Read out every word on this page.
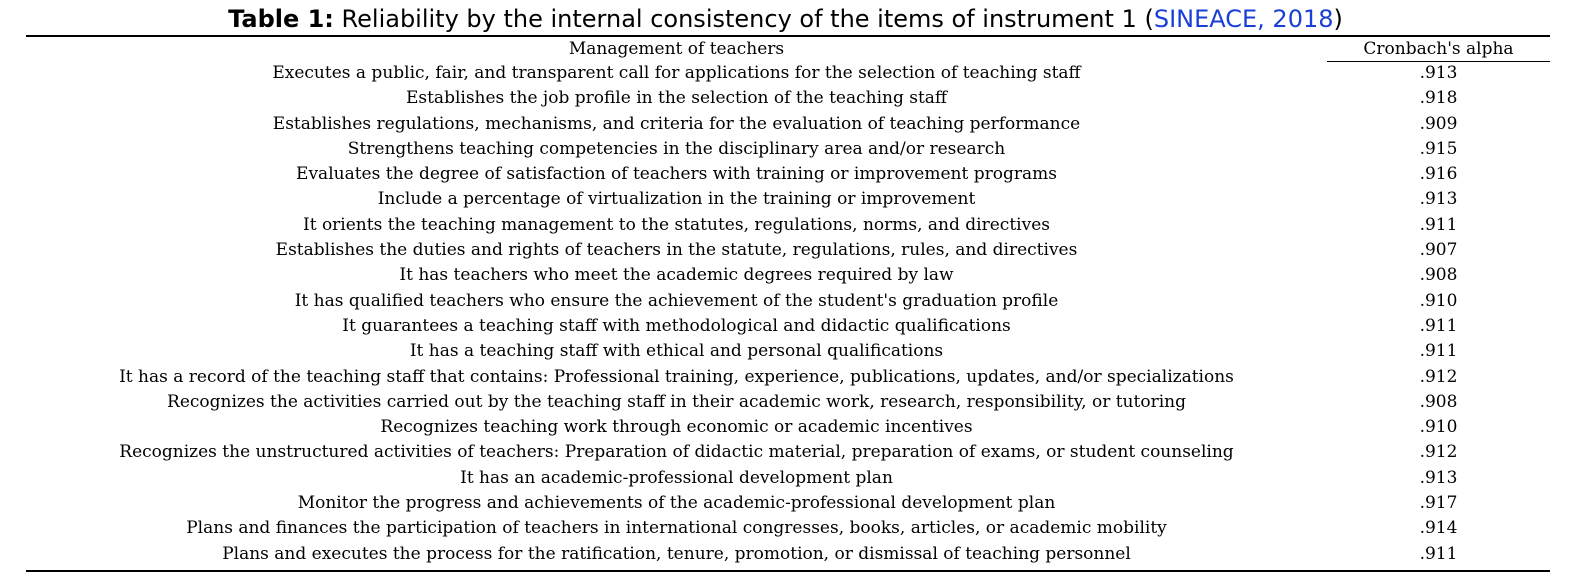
Table 1: Reliability by the internal consistency of the items of instrument 1 (SINEACE, 2018)
Management of teachers	Cronbach's alpha
Executes a public, fair, and transparent call for applications for the selection of teaching staff	.913
Establishes the job profile in the selection of the teaching staff	.918
Establishes regulations, mechanisms, and criteria for the evaluation of teaching performance	.909
Strengthens teaching competencies in the disciplinary area and/or research	.915
Evaluates the degree of satisfaction of teachers with training or improvement programs	.916
Include a percentage of virtualization in the training or improvement	.913
It orients the teaching management to the statutes, regulations, norms, and directives	.911
Establishes the duties and rights of teachers in the statute, regulations, rules, and directives	.907
It has teachers who meet the academic degrees required by law	.908
It has qualified teachers who ensure the achievement of the student's graduation profile	.910
It guarantees a teaching staff with methodological and didactic qualifications	.911
It has a teaching staff with ethical and personal qualifications	.911
It has a record of the teaching staff that contains: Professional training, experience, publications, updates, and/or specializations	.912
Recognizes the activities carried out by the teaching staff in their academic work, research, responsibility, or tutoring	.908
Recognizes teaching work through economic or academic incentives	.910
Recognizes the unstructured activities of teachers: Preparation of didactic material, preparation of exams, or student counseling	.912
It has an academic-professional development plan	.913
Monitor the progress and achievements of the academic-professional development plan	.917
Plans and finances the participation of teachers in international congresses, books, articles, or academic mobility	.914
Plans and executes the process for the ratification, tenure, promotion, or dismissal of teaching personnel	.911
